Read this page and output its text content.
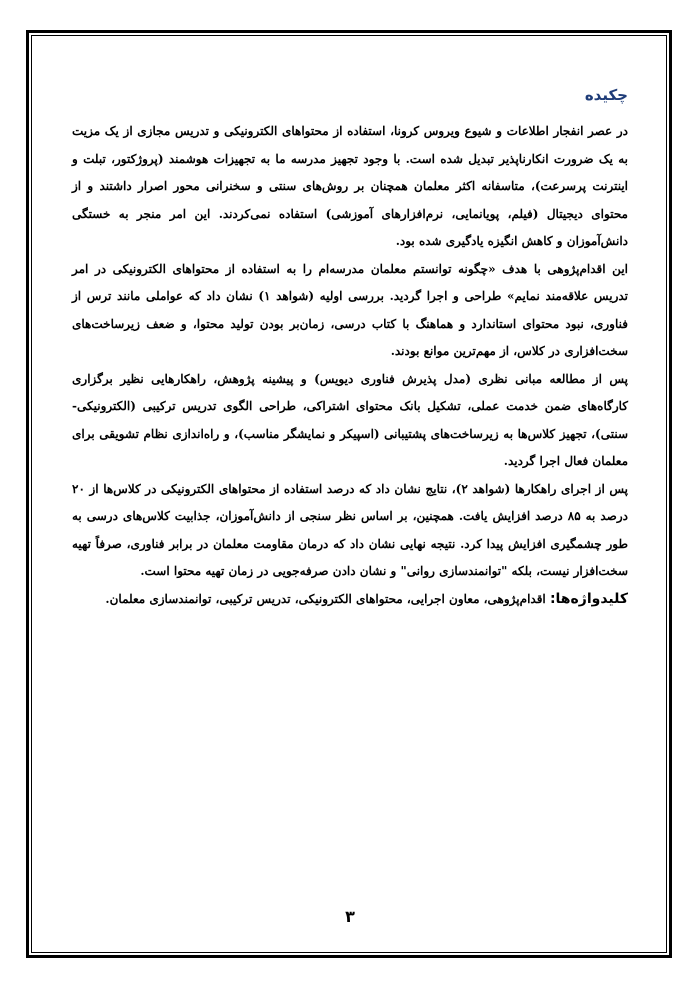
چکیده

در عصر انفجار اطلاعات و شیوع ویروس کرونا، استفاده از محتواهای الکترونیکی و تدریس مجازی از یک مزیت به یک ضرورت انکارناپذیر تبدیل شده است. با وجود تجهیز مدرسه ما به تجهیزات هوشمند (پروژکتور، تبلت و اینترنت پرسرعت)، متاسفانه اکثر معلمان همچنان بر روش‌های سنتی و سخنرانی محور اصرار داشتند و از محتوای دیجیتال (فیلم، پویانمایی، نرم‌افزارهای آموزشی) استفاده نمی‌کردند. این امر منجر به خستگی دانش‌آموزان و کاهش انگیزه یادگیری شده بود.

این اقدام‌پژوهی با هدف «چگونه توانستم معلمان مدرسه‌ام را به استفاده از محتواهای الکترونیکی در امر تدریس علاقه‌مند نمایم» طراحی و اجرا گردید. بررسی اولیه (شواهد ۱) نشان داد که عواملی مانند ترس از فناوری، نبود محتوای استاندارد و هماهنگ با کتاب درسی، زمان‌بر بودن تولید محتوا، و ضعف زیرساخت‌های سخت‌افزاری در کلاس، از مهم‌ترین موانع بودند.

پس از مطالعه مبانی نظری (مدل پذیرش فناوری دیویس) و پیشینه پژوهش، راهکارهایی نظیر برگزاری کارگاه‌های ضمن خدمت عملی، تشکیل بانک محتوای اشتراکی، طراحی الگوی تدریس ترکیبی (الکترونیکی-سنتی)، تجهیز کلاس‌ها به زیرساخت‌های پشتیبانی (اسپیکر و نمایشگر مناسب)، و راه‌اندازی نظام تشویقی برای معلمان فعال اجرا گردید.

پس از اجرای راهکارها (شواهد ۲)، نتایج نشان داد که درصد استفاده از محتواهای الکترونیکی در کلاس‌ها از ۲۰ درصد به ۸۵ درصد افزایش یافت. همچنین، بر اساس نظر سنجی از دانش‌آموزان، جذابیت کلاس‌های درسی به طور چشمگیری افزایش پیدا کرد. نتیجه نهایی نشان داد که درمان مقاومت معلمان در برابر فناوری، صرفاً تهیه سخت‌افزار نیست، بلکه "توانمندسازی روانی" و نشان دادن صرفه‌جویی در زمان تهیه محتوا است.

کلیدواژه‌ها: اقدام‌پژوهی، معاون اجرایی، محتواهای الکترونیکی، تدریس ترکیبی، توانمندسازی معلمان.

۳
